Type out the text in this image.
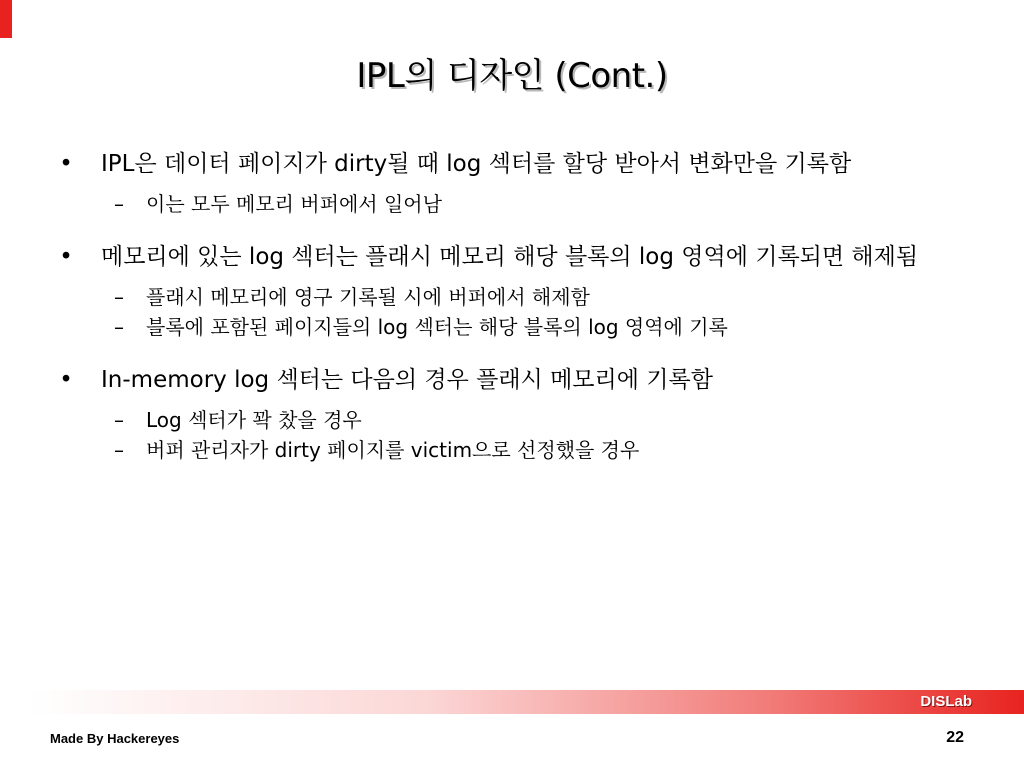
IPL의 디자인 (Cont.)
• IPL은 데이터 페이지가 dirty될 때 log 섹터를 할당 받아서 변화만을 기록함
– 이는 모두 메모리 버퍼에서 일어남
• 메모리에 있는 log 섹터는 플래시 메모리 해당 블록의 log 영역에 기록되면 해제됨
– 플래시 메모리에 영구 기록될 시에 버퍼에서 해제함
– 블록에 포함된 페이지들의 log 섹터는 해당 블록의 log 영역에 기록
• In-memory log 섹터는 다음의 경우 플래시 메모리에 기록함
– Log 섹터가 꽉 찼을 경우
– 버퍼 관리자가 dirty 페이지를 victim으로 선정했을 경우
DISLab
Made By Hackereyes	22
